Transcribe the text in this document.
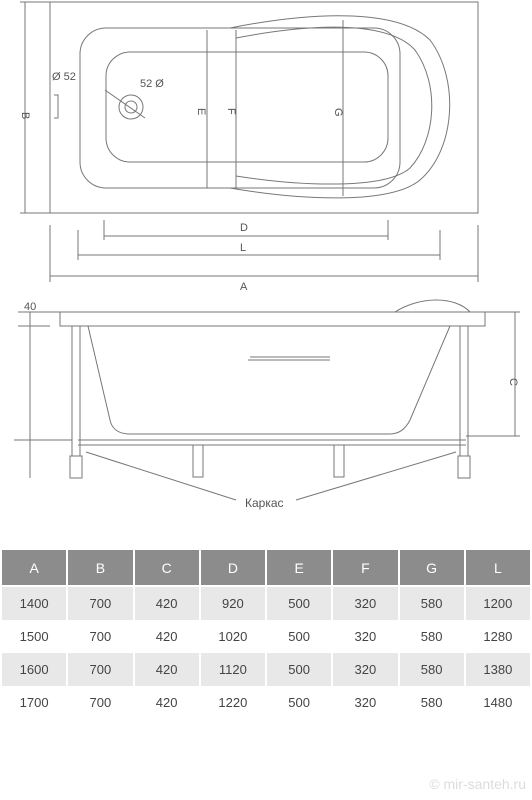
Ø 52
52 Ø
B
E F	G
D
L
A
40
C
Каркас
A	B	C	D	E	F	G	L

1400	700	420	920	500	320	580	1200
1500	700	420	1020	500	320	580	1280
1600	700	420	1120	500	320	580	1380
1700	700	420	1220	500	320	580	1480
© mir-santeh.ru
